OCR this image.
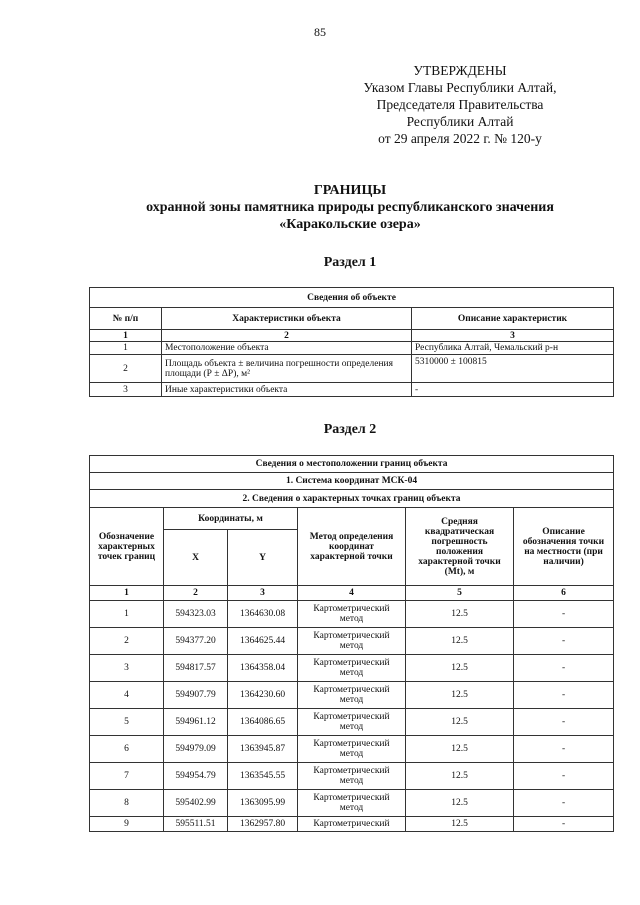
85
УТВЕРЖДЕНЫ
Указом Главы Республики Алтай,
Председателя Правительства
Республики Алтай
от 29 апреля 2022 г. № 120-у
ГРАНИЦЫ
охранной зоны памятника природы республиканского значения
«Каракольские озера»
Раздел 1
Сведения об объекте		
№ п/п	Характеристики объекта	Описание характеристик
1	2	3
1	Местоположение объекта	Республика Алтай, Чемальский р-н
2	Площадь объекта ± величина погрешности определения площади (Р ± ΔР), м²	5310000 ± 100815
3	Иные характеристики объекта	-
Раздел 2
Сведения о местоположении границ объекта					
1. Система координат МСК-04					
2. Сведения о характерных точках границ объекта					
Обозначение характерных точек границ	Координаты, м		Метод определения координат характерной точки	Средняя квадратическая погрешность положения характерной точки (Mt), м	Описание обозначения точки на местности (при наличии)
	X	Y			
1	2	3	4	5	6
1	594323.03	1364630.08	Картометрический метод	12.5	-
2	594377.20	1364625.44	Картометрический метод	12.5	-
3	594817.57	1364358.04	Картометрический метод	12.5	-
4	594907.79	1364230.60	Картометрический метод	12.5	-
5	594961.12	1364086.65	Картометрический метод	12.5	-
6	594979.09	1363945.87	Картометрический метод	12.5	-
7	594954.79	1363545.55	Картометрический метод	12.5	-
8	595402.99	1363095.99	Картометрический метод	12.5	-
9	595511.51	1362957.80	Картометрический	12.5	-
